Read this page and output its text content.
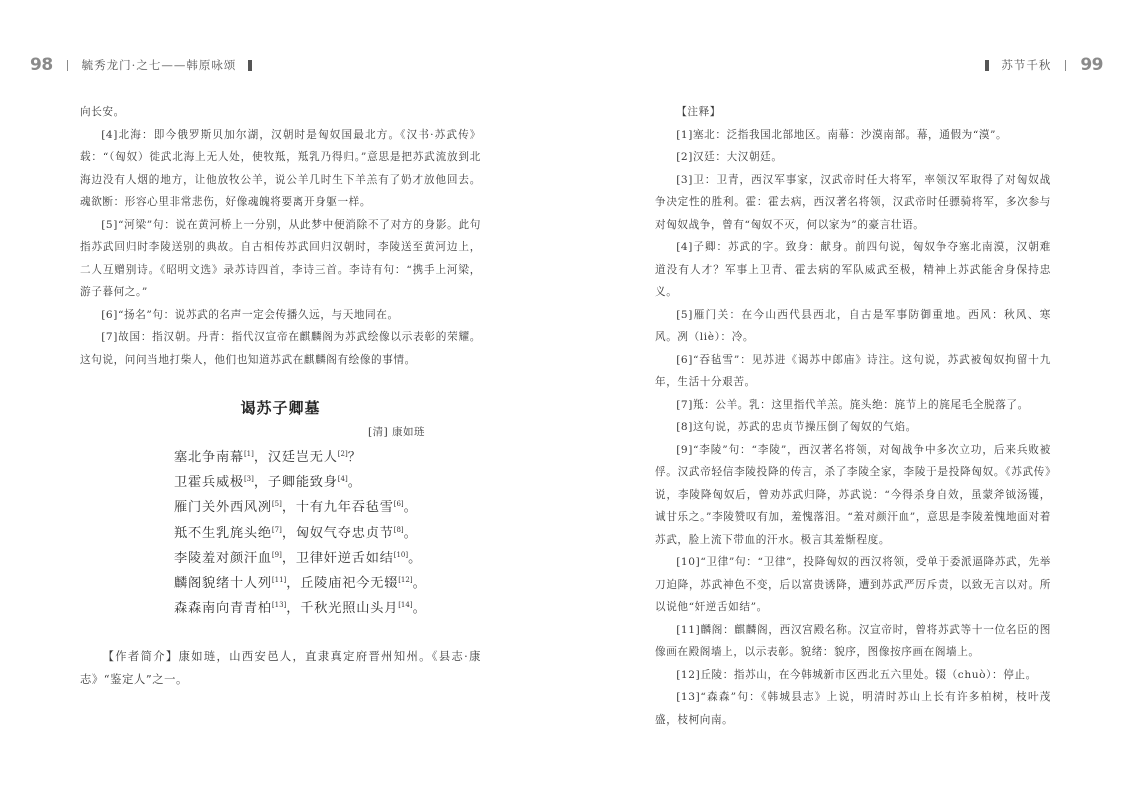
98	毓秀龙门·之七——韩原咏颂	苏节千秋 99

向长安。

[4]北海：即今俄罗斯贝加尔湖，汉朝时是匈奴国最北方。《汉书·苏武传》载：“（匈奴）徙武北海上无人处，使牧羝，羝乳乃得归。”意思是把苏武流放到北海边没有人烟的地方，让他放牧公羊，说公羊几时生下羊羔有了奶才放他回去。魂欲断：形容心里非常悲伤，好像魂魄将要离开身躯一样。

[5]“河梁”句：说在黄河桥上一分别，从此梦中便消除不了对方的身影。此句指苏武回归时李陵送别的典故。自古相传苏武回归汉朝时，李陵送至黄河边上，二人互赠别诗。《昭明文选》录苏诗四首，李诗三首。李诗有句：“携手上河梁，游子暮何之。”

[6]“扬名”句：说苏武的名声一定会传播久远，与天地同在。

[7]故国：指汉朝。丹青：指代汉宣帝在麒麟阁为苏武绘像以示表彰的荣耀。这句说，问问当地打柴人，他们也知道苏武在麒麟阁有绘像的事情。

谒苏子卿墓
[清] 康如琏
塞北争南幕[1]，汉廷岂无人[2]？
卫霍兵威极[3]，子卿能致身[4]。
雁门关外西风冽[5]，十有九年吞毡雪[6]。
羝不生乳旄头绝[7]，匈奴气夺忠贞节[8]。
李陵羞对颜汗血[9]，卫律奸逆舌如结[10]。
麟阁貌绪十人列[11]，丘陵庙祀今无辍[12]。
森森南向青青柏[13]，千秋光照山头月[14]。

【作者简介】康如琏，山西安邑人，直隶真定府晋州知州。《县志·康志》“鉴定人”之一。

【注释】

[1]塞北：泛指我国北部地区。南幕：沙漠南部。幕，通假为“漠”。

[2]汉廷：大汉朝廷。

[3]卫：卫青，西汉军事家，汉武帝时任大将军，率领汉军取得了对匈奴战争决定性的胜利。霍：霍去病，西汉著名将领，汉武帝时任骠骑将军，多次参与对匈奴战争，曾有“匈奴不灭，何以家为”的豪言壮语。

[4]子卿：苏武的字。致身：献身。前四句说，匈奴争夺塞北南漠，汉朝难道没有人才？军事上卫青、霍去病的军队威武至极，精神上苏武能舍身保持忠义。

[5]雁门关：在今山西代县西北，自古是军事防御重地。西风：秋风、寒风。冽（liè）：冷。

[6]“吞毡雪”：见苏进《谒苏中郎庙》诗注。这句说，苏武被匈奴拘留十九年，生活十分艰苦。

[7]羝：公羊。乳：这里指代羊羔。旄头绝：旄节上的旄尾毛全脱落了。

[8]这句说，苏武的忠贞节操压倒了匈奴的气焰。

[9]“李陵”句：“李陵”，西汉著名将领，对匈战争中多次立功，后来兵败被俘。汉武帝轻信李陵投降的传言，杀了李陵全家，李陵于是投降匈奴。《苏武传》说，李陵降匈奴后，曾劝苏武归降，苏武说：“今得杀身自效，虽蒙斧钺汤镬，诚甘乐之。”李陵赞叹有加，羞愧落泪。“羞对颜汗血”，意思是李陵羞愧地面对着苏武，脸上流下带血的汗水。极言其羞惭程度。

[10]“卫律”句：“卫律”，投降匈奴的西汉将领，受单于委派逼降苏武，先举刀迫降，苏武神色不变，后以富贵诱降，遭到苏武严厉斥责，以致无言以对。所以说他“奸逆舌如结”。

[11]麟阁：麒麟阁，西汉宫殿名称。汉宣帝时，曾将苏武等十一位名臣的图像画在殿阁墙上，以示表彰。貌绪：貌序，图像按序画在阁墙上。

[12]丘陵：指苏山，在今韩城新市区西北五六里处。辍（chuò）：停止。

[13]“森森”句：《韩城县志》上说，明清时苏山上长有许多柏树，枝叶茂盛，枝柯向南。
